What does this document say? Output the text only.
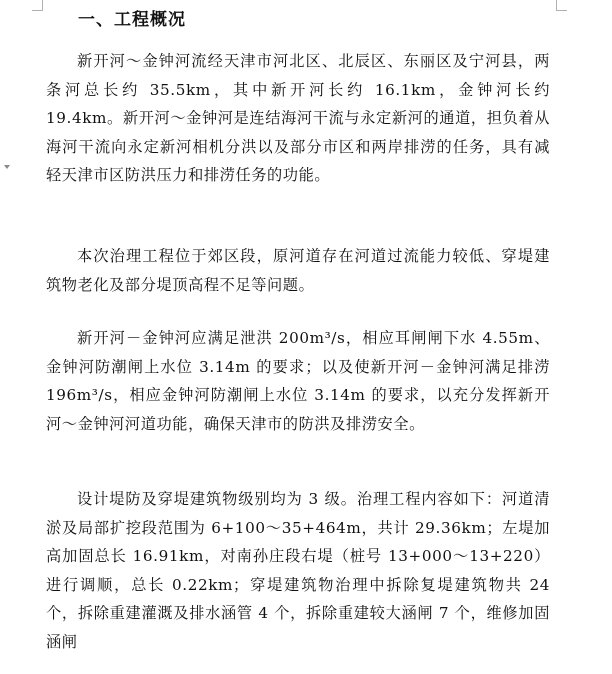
一、工程概况

新开河～金钟河流经天津市河北区、北辰区、东丽区及宁河县，两条河总长约 35.5km，其中新开河长约 16.1km，金钟河长约 19.4km。新开河～金钟河是连结海河干流与永定新河的通道，担负着从海河干流向永定新河相机分洪以及部分市区和两岸排涝的任务，具有减轻天津市区防洪压力和排涝任务的功能。

本次治理工程位于郊区段，原河道存在河道过流能力较低、穿堤建筑物老化及部分堤顶高程不足等问题。

新开河－金钟河应满足泄洪 200m³/s，相应耳闸闸下水 4.55m、金钟河防潮闸上水位 3.14m 的要求；以及使新开河－金钟河满足排涝 196m³/s，相应金钟河防潮闸上水位 3.14m 的要求，以充分发挥新开河～金钟河河道功能，确保天津市的防洪及排涝安全。

设计堤防及穿堤建筑物级别均为 3 级。治理工程内容如下：河道清淤及局部扩挖段范围为 6+100～35+464m，共计 29.36km；左堤加高加固总长 16.91km，对南孙庄段右堤（桩号 13+000～13+220）进行调顺，总长 0.22km；穿堤建筑物治理中拆除复堤建筑物共 24 个，拆除重建灌溉及排水涵管 4 个，拆除重建较大涵闸 7 个，维修加固涵闸
